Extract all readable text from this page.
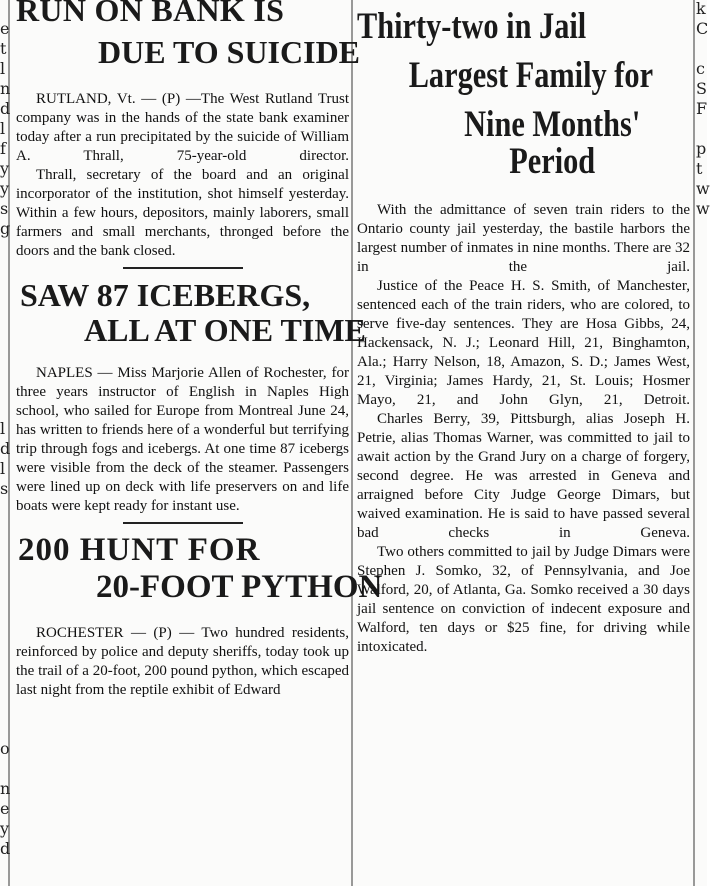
e
t
l
n
d
l
f
y
y
s
g

l
d
l
s

o

n
e
y
d
k
C

c
S
F

p
t
w
w
RUN ON BANK IS
DUE TO SUICIDE

RUTLAND, Vt. — (P) —The West Rutland Trust company was in the hands of the state bank examiner today after a run precipitated by the suicide of William A. Thrall, 75-year-old director.

Thrall, secretary of the board and an original incorporator of the institution, shot himself yesterday. Within a few hours, depositors, mainly laborers, small farmers and small merchants, thronged before the doors and the bank closed.

SAW 87 ICEBERGS,
ALL AT ONE TIME

NAPLES — Miss Marjorie Allen of Rochester, for three years instructor of English in Naples High school, who sailed for Europe from Montreal June 24, has written to friends here of a wonderful but terrifying trip through fogs and icebergs. At one time 87 icebergs were visible from the deck of the steamer. Passengers were lined up on deck with life preservers on and life boats were kept ready for instant use.

200 HUNT FOR
20-FOOT PYTHON

ROCHESTER — (P) — Two hundred residents, reinforced by police and deputy sheriffs, today took up the trail of a 20-foot, 200 pound python, which escaped last night from the reptile exhibit of Edward

Thirty-two in Jail
Largest Family for
Nine Months' Period

With the admittance of seven train riders to the Ontario county jail yesterday, the bastile harbors the largest number of inmates in nine months. There are 32 in the jail.

Justice of the Peace H. S. Smith, of Manchester, sentenced each of the train riders, who are colored, to serve five-day sentences. They are Hosa Gibbs, 24, Hackensack, N. J.; Leonard Hill, 21, Binghamton, Ala.; Harry Nelson, 18, Amazon, S. D.; James West, 21, Virginia; James Hardy, 21, St. Louis; Hosmer Mayo, 21, and John Glyn, 21, Detroit.

Charles Berry, 39, Pittsburgh, alias Joseph H. Petrie, alias Thomas Warner, was committed to jail to await action by the Grand Jury on a charge of forgery, second degree. He was arrested in Geneva and arraigned before City Judge George Dimars, but waived examination. He is said to have passed several bad checks in Geneva.

Two others committed to jail by Judge Dimars were Stephen J. Somko, 32, of Pennsylvania, and Joe Walford, 20, of Atlanta, Ga. Somko received a 30 days jail sentence on conviction of indecent exposure and Walford, ten days or $25 fine, for driving while intoxicated.
